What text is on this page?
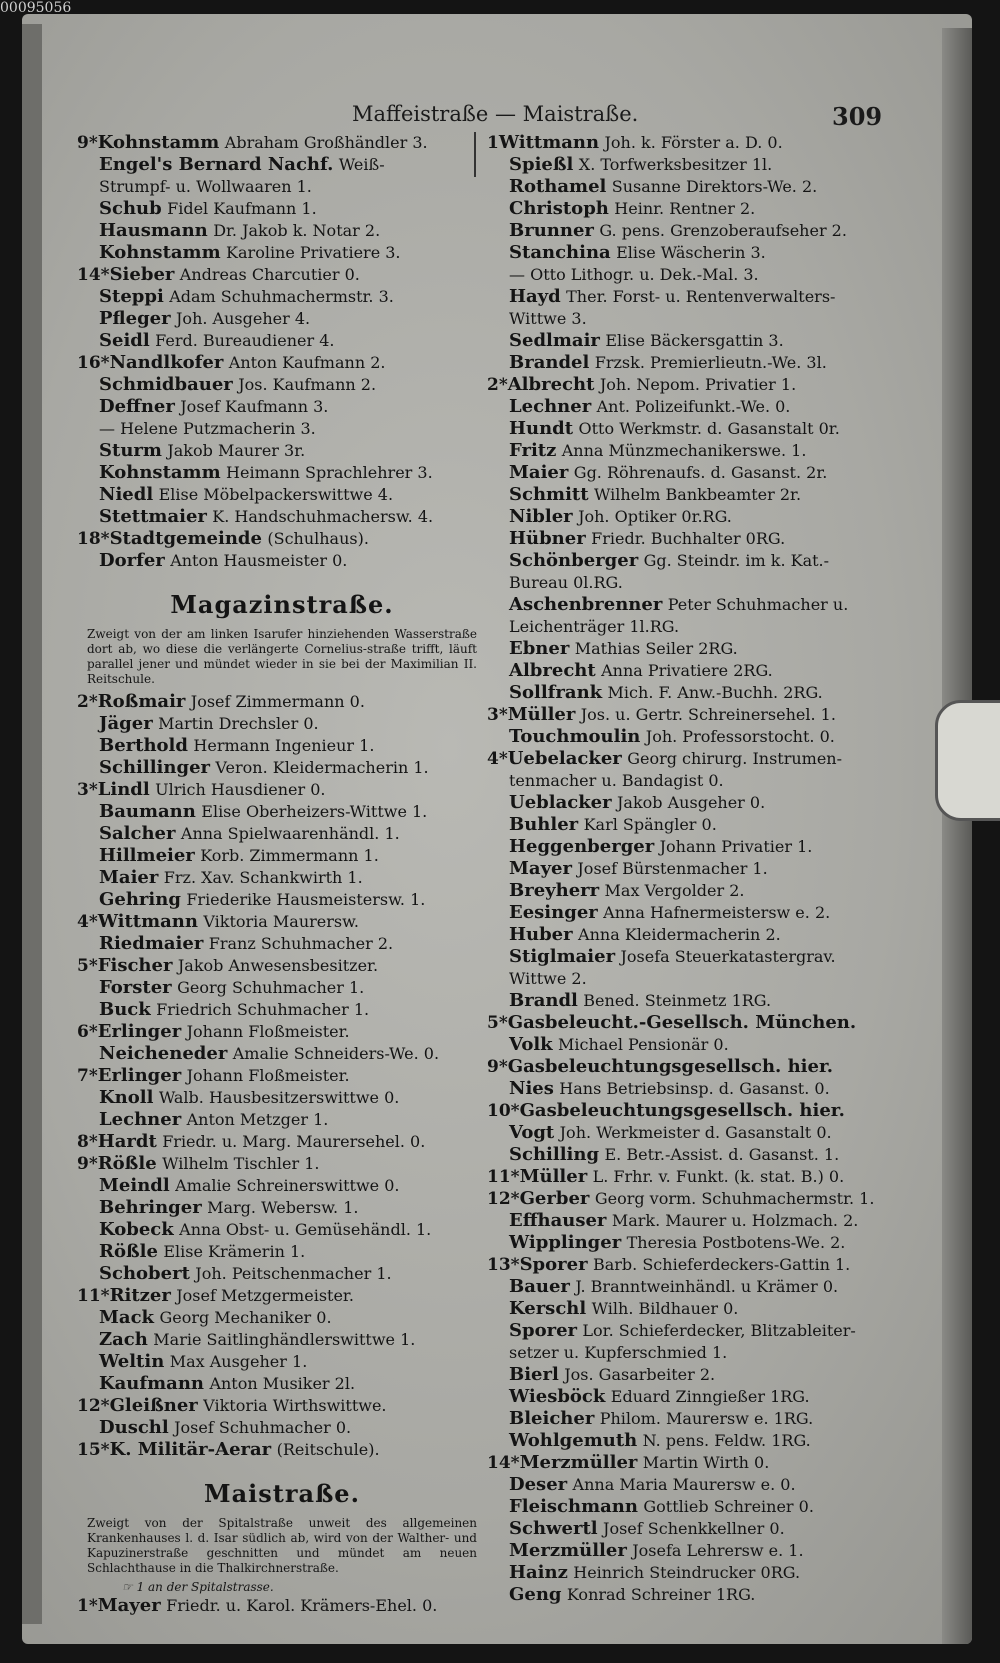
Maffeistraße — Maistraße.	309
9*Kohnstamm Abraham Großhändler 3.
Engel's Bernard Nachf. Weiß-
Strumpf- u. Wollwaaren 1.
Schub Fidel Kaufmann 1.
Hausmann Dr. Jakob k. Notar 2.
Kohnstamm Karoline Privatiere 3.
14*Sieber Andreas Charcutier 0.
Steppi Adam Schuhmachermstr. 3.
Pfleger Joh. Ausgeher 4.
Seidl Ferd. Bureaudiener 4.
16*Nandlkofer Anton Kaufmann 2.
Schmidbauer Jos. Kaufmann 2.
Deffner Josef Kaufmann 3.
— Helene Putzmacherin 3.
Sturm Jakob Maurer 3r.
Kohnstamm Heimann Sprachlehrer 3.
Niedl Elise Möbelpackerswittwe 4.
Stettmaier K. Handschuhmachersw. 4.
18*Stadtgemeinde (Schulhaus).
Dorfer Anton Hausmeister 0.
Magazinstraße.
Zweigt von der am linken Isarufer hinziehenden Wasserstraße dort ab, wo diese die verlängerte Cornelius-straße trifft, läuft parallel jener und mündet wieder in sie bei der Maximilian II. Reitschule.
2*Roßmair Josef Zimmermann 0.
Jäger Martin Drechsler 0.
Berthold Hermann Ingenieur 1.
Schillinger Veron. Kleidermacherin 1.
3*Lindl Ulrich Hausdiener 0.
Baumann Elise Oberheizers-Wittwe 1.
Salcher Anna Spielwaarenhändl. 1.
Hillmeier Korb. Zimmermann 1.
Maier Frz. Xav. Schankwirth 1.
Gehring Friederike Hausmeistersw. 1.
4*Wittmann Viktoria Maurersw.
Riedmaier Franz Schuhmacher 2.
5*Fischer Jakob Anwesensbesitzer.
Forster Georg Schuhmacher 1.
Buck Friedrich Schuhmacher 1.
6*Erlinger Johann Floßmeister.
Neicheneder Amalie Schneiders-We. 0.
7*Erlinger Johann Floßmeister.
Knoll Walb. Hausbesitzerswittwe 0.
Lechner Anton Metzger 1.
8*Hardt Friedr. u. Marg. Maurersehel. 0.
9*Rößle Wilhelm Tischler 1.
Meindl Amalie Schreinerswittwe 0.
Behringer Marg. Webersw. 1.
Kobeck Anna Obst- u. Gemüsehändl. 1.
Rößle Elise Krämerin 1.
Schobert Joh. Peitschenmacher 1.
11*Ritzer Josef Metzgermeister.
Mack Georg Mechaniker 0.
Zach Marie Saitlinghändlerswittwe 1.
Weltin Max Ausgeher 1.
Kaufmann Anton Musiker 2l.
12*Gleißner Viktoria Wirthswittwe.
Duschl Josef Schuhmacher 0.
15*K. Militär-Aerar (Reitschule).
Maistraße.
Zweigt von der Spitalstraße unweit des allgemeinen Krankenhauses l. d. Isar südlich ab, wird von der Walther- und Kapuzinerstraße geschnitten und mündet am neuen Schlachthause in die Thalkirchnerstraße.
☞ 1 an der Spitalstrasse.
1*Mayer Friedr. u. Karol. Krämers-Ehel. 0.
1Wittmann Joh. k. Förster a. D. 0.
Spießl X. Torfwerksbesitzer 1l.
Rothamel Susanne Direktors-We. 2.
Christoph Heinr. Rentner 2.
Brunner G. pens. Grenzoberaufseher 2.
Stanchina Elise Wäscherin 3.
— Otto Lithogr. u. Dek.-Mal. 3.
Hayd Ther. Forst- u. Rentenverwalters-
Wittwe 3.
Sedlmair Elise Bäckersgattin 3.
Brandel Frzsk. Premierlieutn.-We. 3l.
2*Albrecht Joh. Nepom. Privatier 1.
Lechner Ant. Polizeifunkt.-We. 0.
Hundt Otto Werkmstr. d. Gasanstalt 0r.
Fritz Anna Münzmechanikerswe. 1.
Maier Gg. Röhrenaufs. d. Gasanst. 2r.
Schmitt Wilhelm Bankbeamter 2r.
Nibler Joh. Optiker 0r.RG.
Hübner Friedr. Buchhalter 0RG.
Schönberger Gg. Steindr. im k. Kat.-
Bureau 0l.RG.
Aschenbrenner Peter Schuhmacher u.
Leichenträger 1l.RG.
Ebner Mathias Seiler 2RG.
Albrecht Anna Privatiere 2RG.
Sollfrank Mich. F. Anw.-Buchh. 2RG.
3*Müller Jos. u. Gertr. Schreinersehel. 1.
Touchmoulin Joh. Professorstocht. 0.
4*Uebelacker Georg chirurg. Instrumen-
tenmacher u. Bandagist 0.
Ueblacker Jakob Ausgeher 0.
Buhler Karl Spängler 0.
Heggenberger Johann Privatier 1.
Mayer Josef Bürstenmacher 1.
Breyherr Max Vergolder 2.
Eesinger Anna Hafnermeistersw e. 2.
Huber Anna Kleidermacherin 2.
Stiglmaier Josefa Steuerkatastergrav.
Wittwe 2.
Brandl Bened. Steinmetz 1RG.
5*Gasbeleucht.-Gesellsch. München.
Volk Michael Pensionär 0.
9*Gasbeleuchtungsgesellsch. hier.
Nies Hans Betriebsinsp. d. Gasanst. 0.
10*Gasbeleuchtungsgesellsch. hier.
Vogt Joh. Werkmeister d. Gasanstalt 0.
Schilling E. Betr.-Assist. d. Gasanst. 1.
11*Müller L. Frhr. v. Funkt. (k. stat. B.) 0.
12*Gerber Georg vorm. Schuhmachermstr. 1.
Effhauser Mark. Maurer u. Holzmach. 2.
Wipplinger Theresia Postbotens-We. 2.
13*Sporer Barb. Schieferdeckers-Gattin 1.
Bauer J. Branntweinhändl. u Krämer 0.
Kerschl Wilh. Bildhauer 0.
Sporer Lor. Schieferdecker, Blitzableiter-
setzer u. Kupferschmied 1.
Bierl Jos. Gasarbeiter 2.
Wiesböck Eduard Zinngießer 1RG.
Bleicher Philom. Maurersw e. 1RG.
Wohlgemuth N. pens. Feldw. 1RG.
14*Merzmüller Martin Wirth 0.
Deser Anna Maria Maurersw e. 0.
Fleischmann Gottlieb Schreiner 0.
Schwertl Josef Schenkkellner 0.
Merzmüller Josefa Lehrersw e. 1.
Hainz Heinrich Steindrucker 0RG.
Geng Konrad Schreiner 1RG.
00095056
